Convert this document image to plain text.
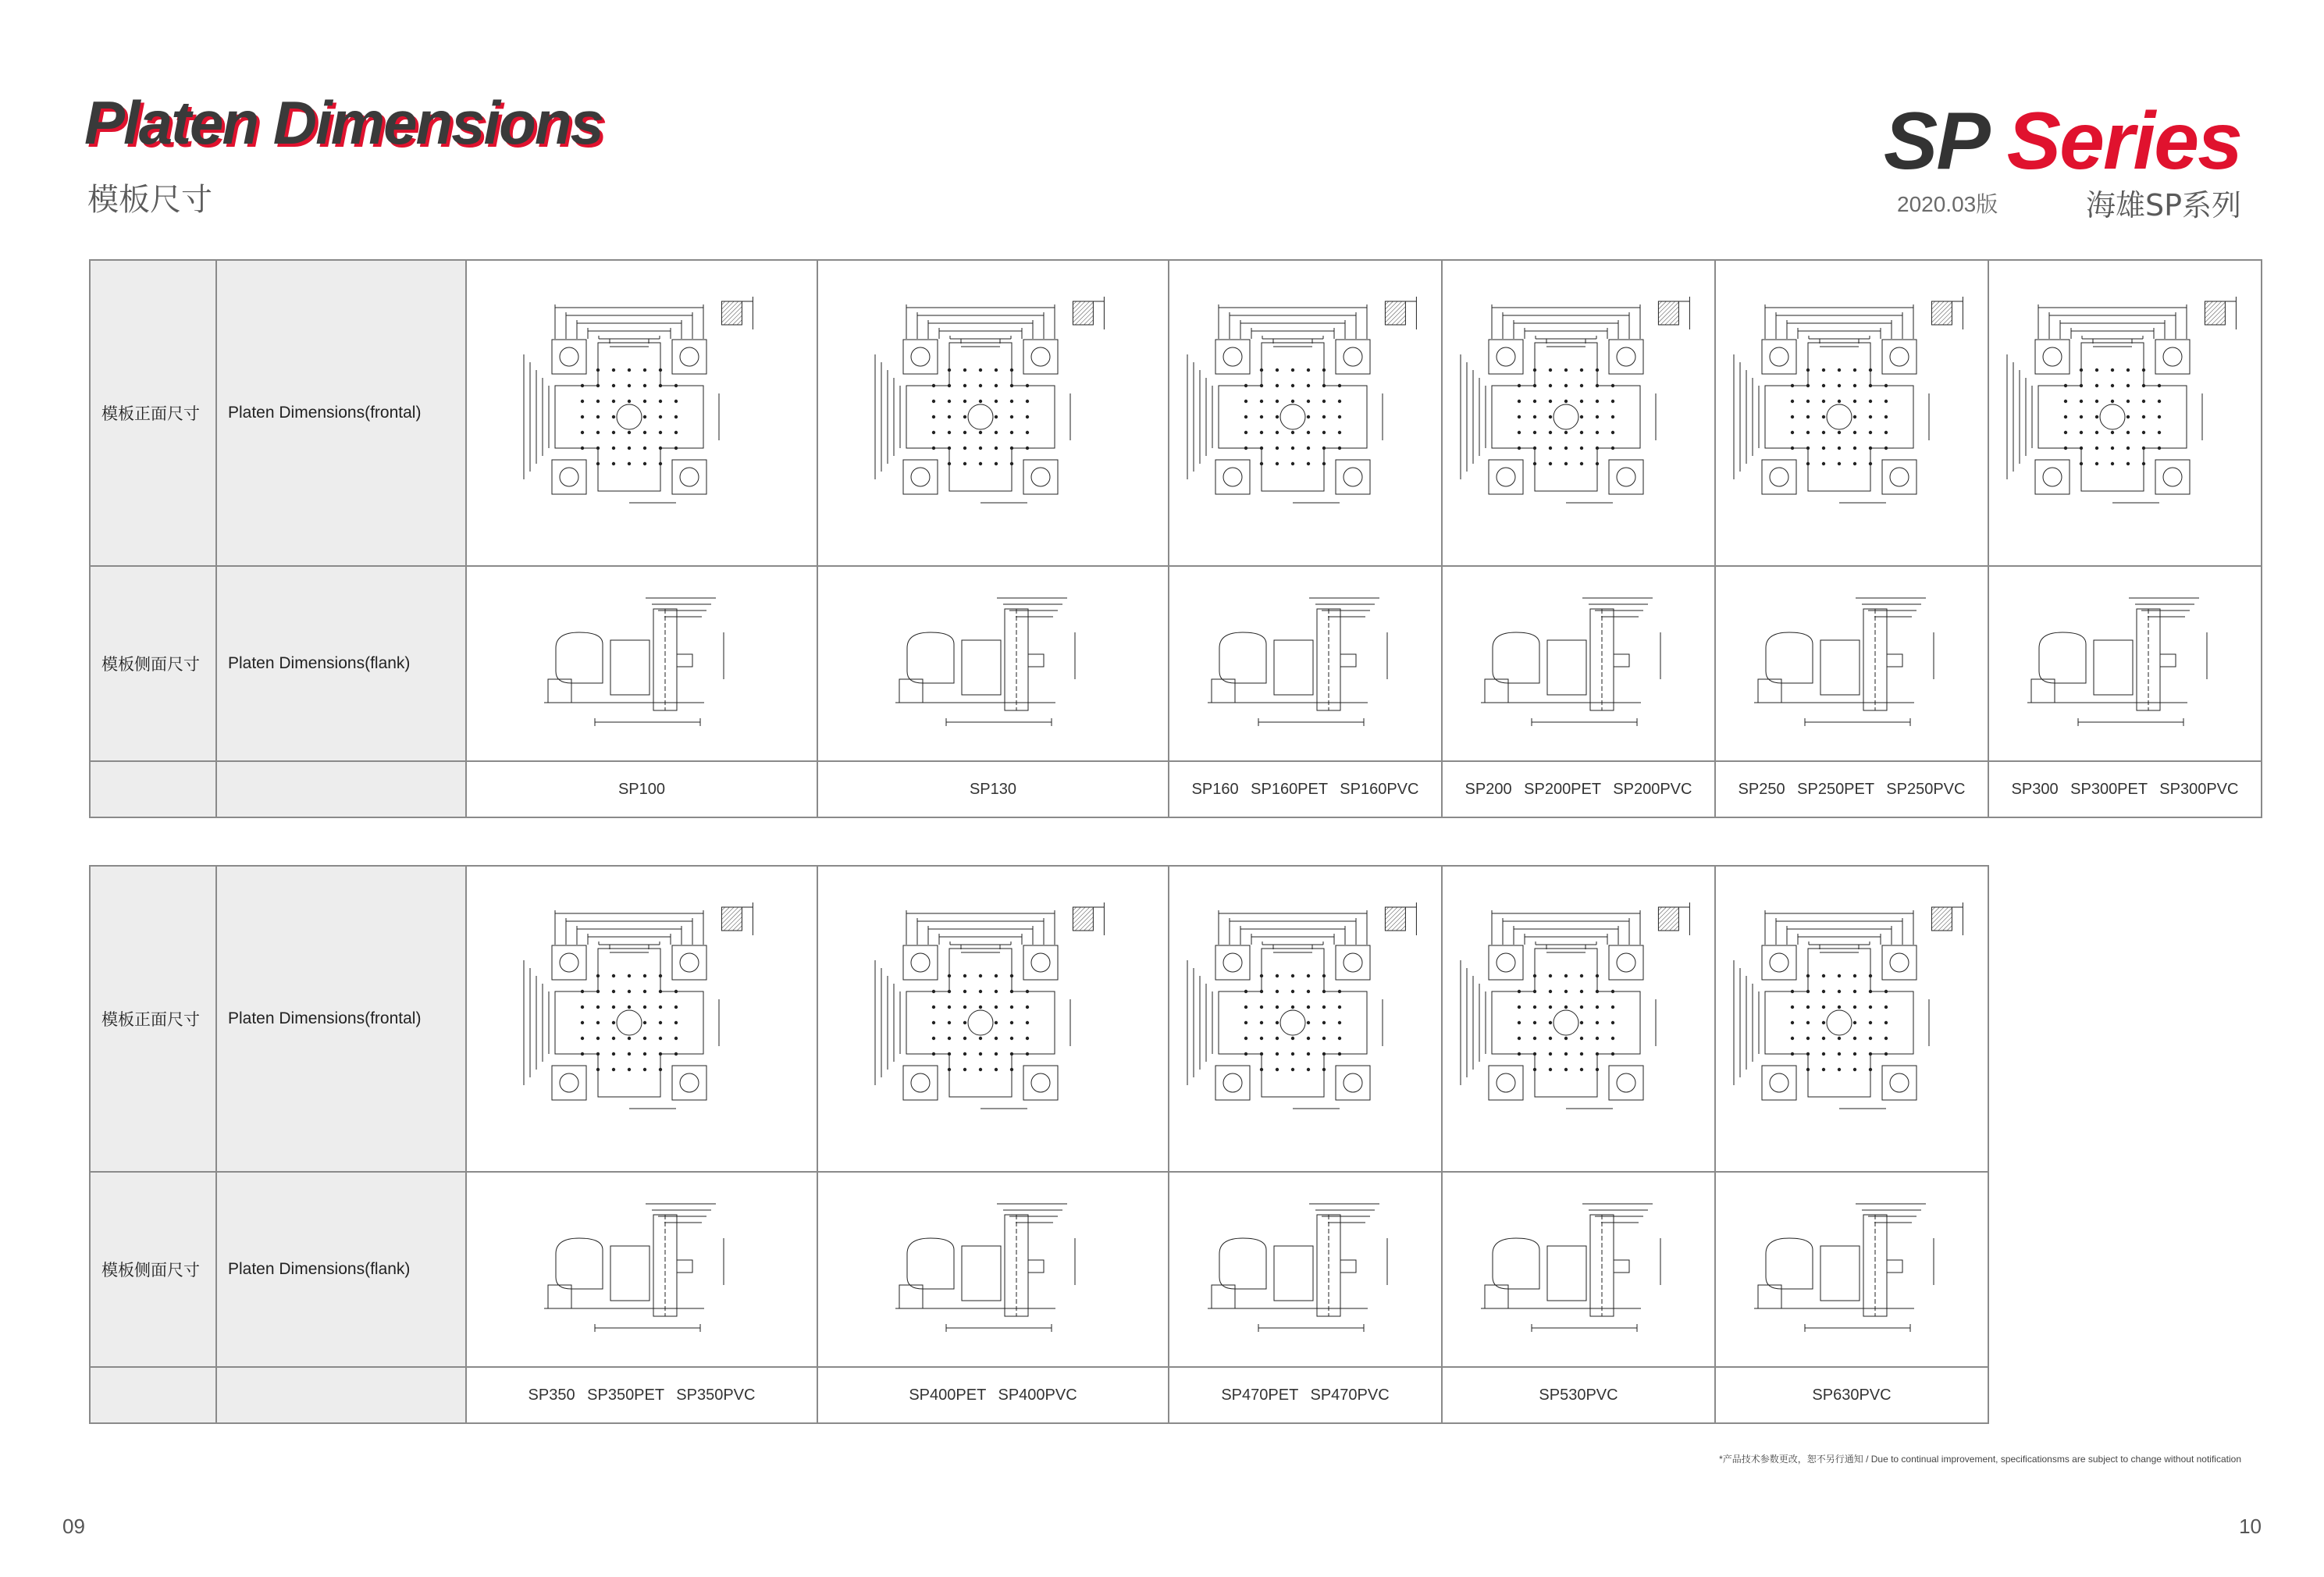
Platen Dimensions
模板尺寸
SP Series
2020.03版	海雄SP系列
模板正面尺寸	Platen Dimensions(frontal)	

模板侧面尺寸	Platen Dimensions(flank)	

		SP100	SP130	SP160 SP160PET SP160PVC	SP200 SP200PET SP200PVC	SP250 SP250PET SP250PVC	SP300 SP300PET SP300PVC
模板正面尺寸	Platen Dimensions(frontal)	

模板侧面尺寸	Platen Dimensions(flank)	

		SP350 SP350PET SP350PVC	SP400PET SP400PVC	SP470PET SP470PVC	SP530PVC	SP630PVC
*产品技术参数更改，恕不另行通知 / Due to continual improvement, specificationsms are subject to change without notification
09	10
